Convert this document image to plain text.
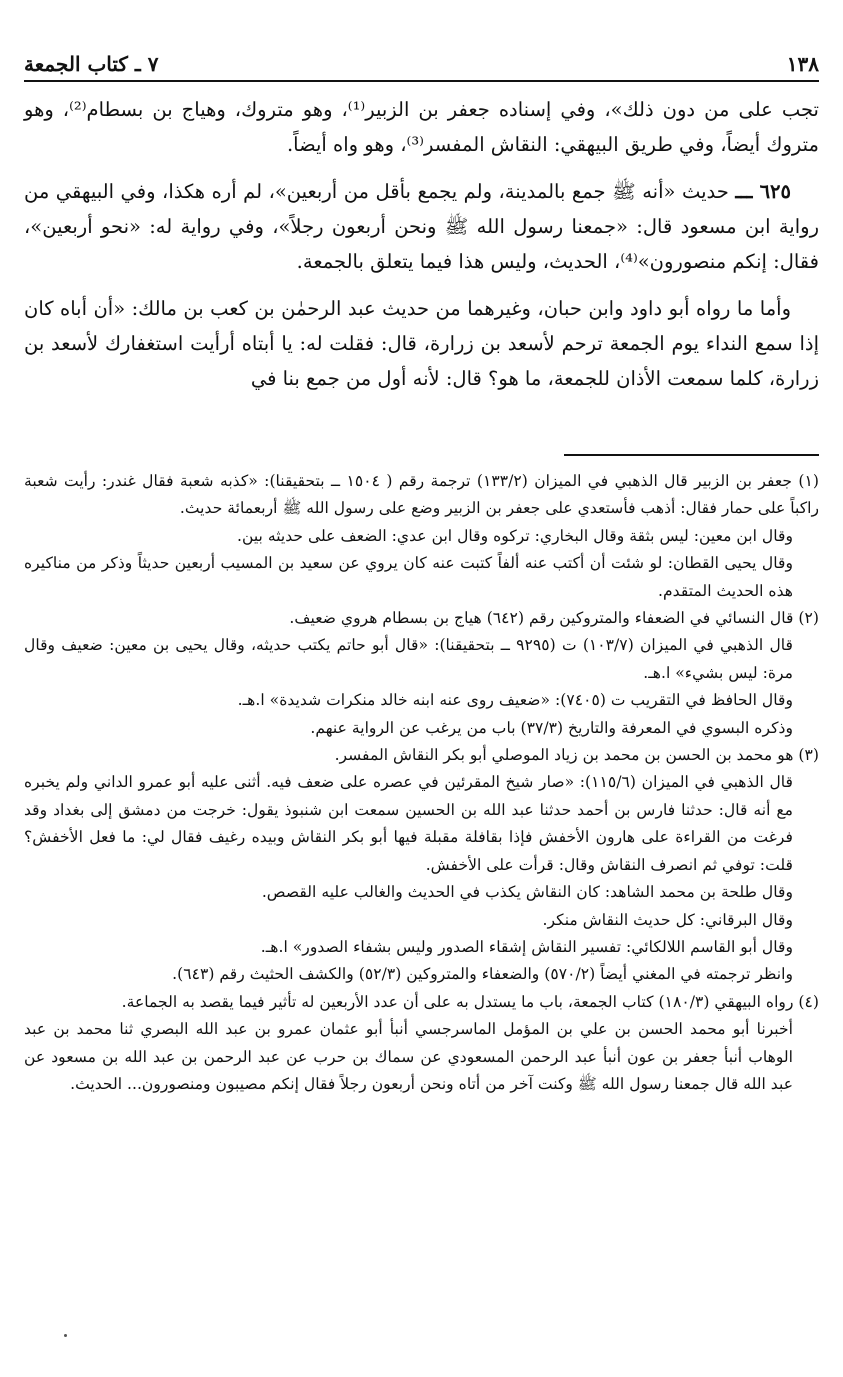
١٣٨
٧ ـ كتاب الجمعة

تجب على من دون ذلك»، وفي إسناده جعفر بن الزبير⁽¹⁾، وهو متروك، وهياج بن بسطام⁽²⁾، وهو متروك أيضاً، وفي طريق البيهقي: النقاش المفسر⁽³⁾، وهو واه أيضاً.

٦٢٥ ـــ حديث «أنه ﷺ جمع بالمدينة، ولم يجمع بأقل من أربعين»، لم أره هكذا، وفي البيهقي من رواية ابن مسعود قال: «جمعنا رسول الله ﷺ ونحن أربعون رجلاً»، وفي رواية له: «نحو أربعين»، فقال: إنكم منصورون»⁽⁴⁾، الحديث، وليس هذا فيما يتعلق بالجمعة.

وأما ما رواه أبو داود وابن حبان، وغيرهما من حديث عبد الرحمٰن بن كعب بن مالك: «أن أباه كان إذا سمع النداء يوم الجمعة ترحم لأسعد بن زرارة، قال: فقلت له: يا أبتاه أرأيت استغفارك لأسعد بن زرارة، كلما سمعت الأذان للجمعة، ما هو؟ قال: لأنه أول من جمع بنا في

(١) جعفر بن الزبير قال الذهبي في الميزان (١٣٣/٢) ترجمة رقم ( ١٥٠٤ ــ بتحقيقنا): «كذبه شعبة فقال غندر: رأيت شعبة راكباً على حمار فقال: أذهب فأستعدي على جعفر بن الزبير وضع على رسول الله ﷺ أربعمائة حديث.

وقال ابن معين: ليس بثقة وقال البخاري: تركوه وقال ابن عدي: الضعف على حديثه بين.

وقال يحيى القطان: لو شئت أن أكتب عنه ألفاً كتبت عنه كان يروي عن سعيد بن المسيب أربعين حديثاً وذكر من مناكيره هذه الحديث المتقدم.

(٢) قال النسائي في الضعفاء والمتروكين رقم (٦٤٢) هياج بن بسطام هروي ضعيف.

قال الذهبي في الميزان (١٠٣/٧) ت (٩٢٩٥ ــ بتحقيقنا): «قال أبو حاتم يكتب حديثه، وقال يحيى بن معين: ضعيف وقال مرة: ليس بشيء» ا.هـ.

وقال الحافظ في التقريب ت (٧٤٠٥): «ضعيف روى عنه ابنه خالد منكرات شديدة» ا.هـ.

وذكره البسوي في المعرفة والتاريخ (٣٧/٣) باب من يرغب عن الرواية عنهم.

(٣) هو محمد بن الحسن بن محمد بن زياد الموصلي أبو بكر النقاش المفسر.

قال الذهبي في الميزان (١١٥/٦): «صار شيخ المقرئين في عصره على ضعف فيه. أثنى عليه أبو عمرو الداني ولم يخبره مع أنه قال: حدثنا فارس بن أحمد حدثنا عبد الله بن الحسين سمعت ابن شنبوذ يقول: خرجت من دمشق إلى بغداد وقد فرغت من القراءة على هارون الأخفش فإذا بقافلة مقبلة فيها أبو بكر النقاش وبيده رغيف فقال لي: ما فعل الأخفش؟ قلت: توفي ثم انصرف النقاش وقال: قرأت على الأخفش.

وقال طلحة بن محمد الشاهد: كان النقاش يكذب في الحديث والغالب عليه القصص.

وقال البرقاني: كل حديث النقاش منكر.

وقال أبو القاسم اللالكائي: تفسير النقاش إشقاء الصدور وليس بشفاء الصدور» ا.هـ.

وانظر ترجمته في المغني أيضاً (٥٧٠/٢) والضعفاء والمتروكين (٥٢/٣) والكشف الحثيث رقم (٦٤٣).

(٤) رواه البيهقي (١٨٠/٣) كتاب الجمعة، باب ما يستدل به على أن عدد الأربعين له تأثير فيما يقصد به الجماعة.

أخبرنا أبو محمد الحسن بن علي بن المؤمل الماسرجسي أنبأ أبو عثمان عمرو بن عبد الله البصري ثنا محمد بن عبد الوهاب أنبأ جعفر بن عون أنبأ عبد الرحمن المسعودي عن سماك بن حرب عن عبد الرحمن بن عبد الله بن مسعود عن عبد الله قال جمعنا رسول الله ﷺ وكنت آخر من أتاه ونحن أربعون رجلاً فقال إنكم مصيبون ومنصورون... الحديث.
